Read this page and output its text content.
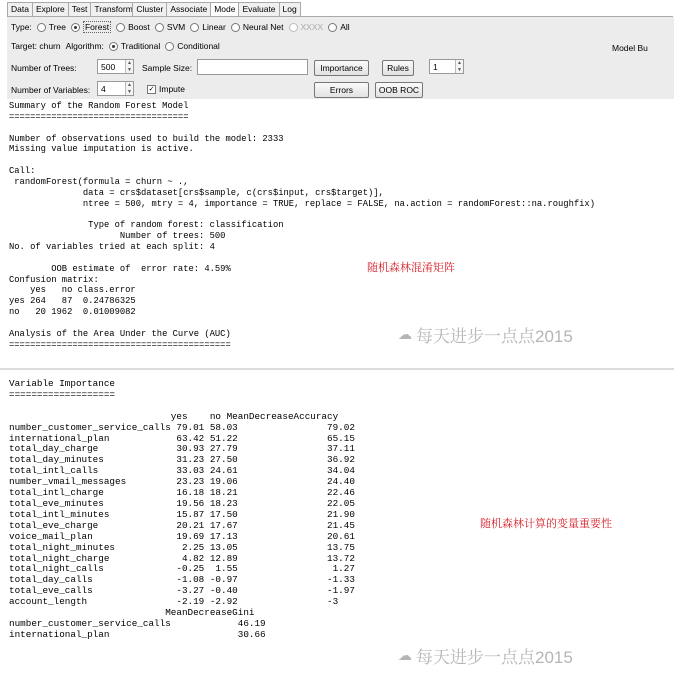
Data Explore Test Transform Cluster Associate Mode Evaluate Log
Type: Tree Forest Boost SVM Linear Neural Net XXXX All
Target: churn Algorithm: Traditional Conditional	Model Bu
Number of Trees:	500	▲
▼ Sample Size:	Importance	Rules	1	▲
▼
Number of Variables:	4	▲
▼ ✓ Impute	Errors	OOB ROC
Summary of the Random Forest Model
==================================

Number of observations used to build the model: 2333
Missing value imputation is active.

Call:
randomForest(formula = churn ~ .,
data = crs$dataset[crs$sample, c(crs$input, crs$target)],
ntree = 500, mtry = 4, importance = TRUE, replace = FALSE, na.action = randomForest::na.roughfix)

Type of random forest: classification
Number of trees: 500
No. of variables tried at each split: 4

OOB estimate of  error rate: 4.59%
Confusion matrix:
yes   no class.error
yes 264   87  0.24786325
no   20 1962  0.01009082

Analysis of the Area Under the Curve (AUC)
==========================================
Variable Importance
===================

yes    no MeanDecreaseAccuracy
number_customer_service_calls 79.01 58.03                79.02
international_plan            63.42 51.22                65.15
total_day_charge              30.93 27.79                37.11
total_day_minutes             31.23 27.50                36.92
total_intl_calls              33.03 24.61                34.04
number_vmail_messages         23.23 19.06                24.40
total_intl_charge             16.18 18.21                22.46
total_eve_minutes             19.56 18.23                22.05
total_intl_minutes            15.87 17.50                21.90
total_eve_charge              20.21 17.67                21.45
voice_mail_plan               19.69 17.13                20.61
total_night_minutes            2.25 13.05                13.75
total_night_charge             4.82 12.89                13.72
total_night_calls             -0.25  1.55                 1.27
total_day_calls               -1.08 -0.97                -1.33
total_eve_calls               -3.27 -0.40                -1.97
account_length                -2.19 -2.92                -3
MeanDecreaseGini
number_customer_service_calls            46.19
international_plan                       30.66
随机森林混淆矩阵
随机森林计算的变量重要性
☁ 每天进步一点点2015
☁ 每天进步一点点2015
